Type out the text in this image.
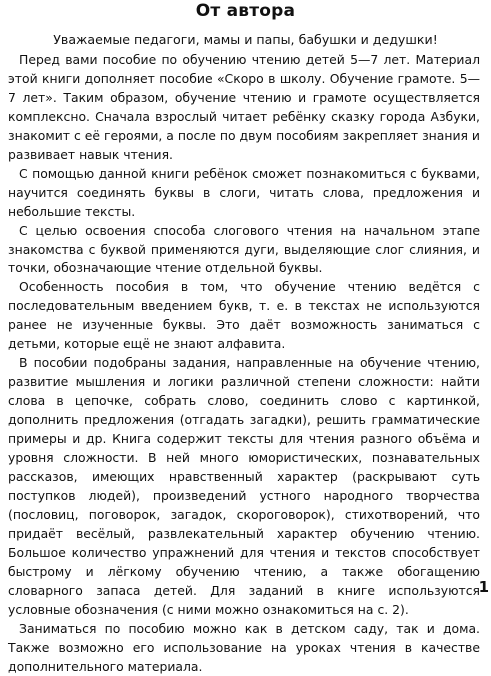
От автора
Уважаемые педагоги, мамы и папы, бабушки и дедушки!

Перед вами пособие по обучению чтению детей 5—7 лет. Материал этой книги дополняет пособие «Скоро в школу. Обучение грамоте. 5—7 лет». Таким образом, обучение чтению и грамоте осуществляется комплексно. Сначала взрослый читает ребёнку сказку города Азбуки, знакомит с её героями, а после по двум пособиям закрепляет знания и развивает навык чтения.

С помощью данной книги ребёнок сможет познакомиться с буквами, научится соединять буквы в слоги, читать слова, предложения и небольшие тексты.

С целью освоения способа слогового чтения на начальном этапе знакомства с буквой применяются дуги, выделяющие слог слияния, и точки, обозначающие чтение отдельной буквы.

Особенность пособия в том, что обучение чтению ведётся с последовательным введением букв, т. е. в текстах не используются ранее не изученные буквы. Это даёт возможность заниматься с детьми, которые ещё не знают алфавита.

В пособии подобраны задания, направленные на обучение чтению, развитие мышления и логики различной степени сложности: найти слова в цепочке, собрать слово, соединить слово с картинкой, дополнить предложения (отгадать загадки), решить грамматические примеры и др. Книга содержит тексты для чтения разного объёма и уровня сложности. В ней много юмористических, познавательных рассказов, имеющих нравственный характер (раскрывают суть поступков людей), произведений устного народного творчества (пословиц, поговорок, загадок, скороговорок), стихотворений, что придаёт весёлый, развлекательный характер обучению чтению. Большое количество упражнений для чтения и текстов способствует быстрому и лёгкому обучению чтению, а также обогащению словарного запаса детей. Для заданий в книге используются условные обозначения (с ними можно ознакомиться на с. 2).

Заниматься по пособию можно как в детском саду, так и дома. Также возможно его использование на уроках чтения в качестве дополнительного материала.

1
